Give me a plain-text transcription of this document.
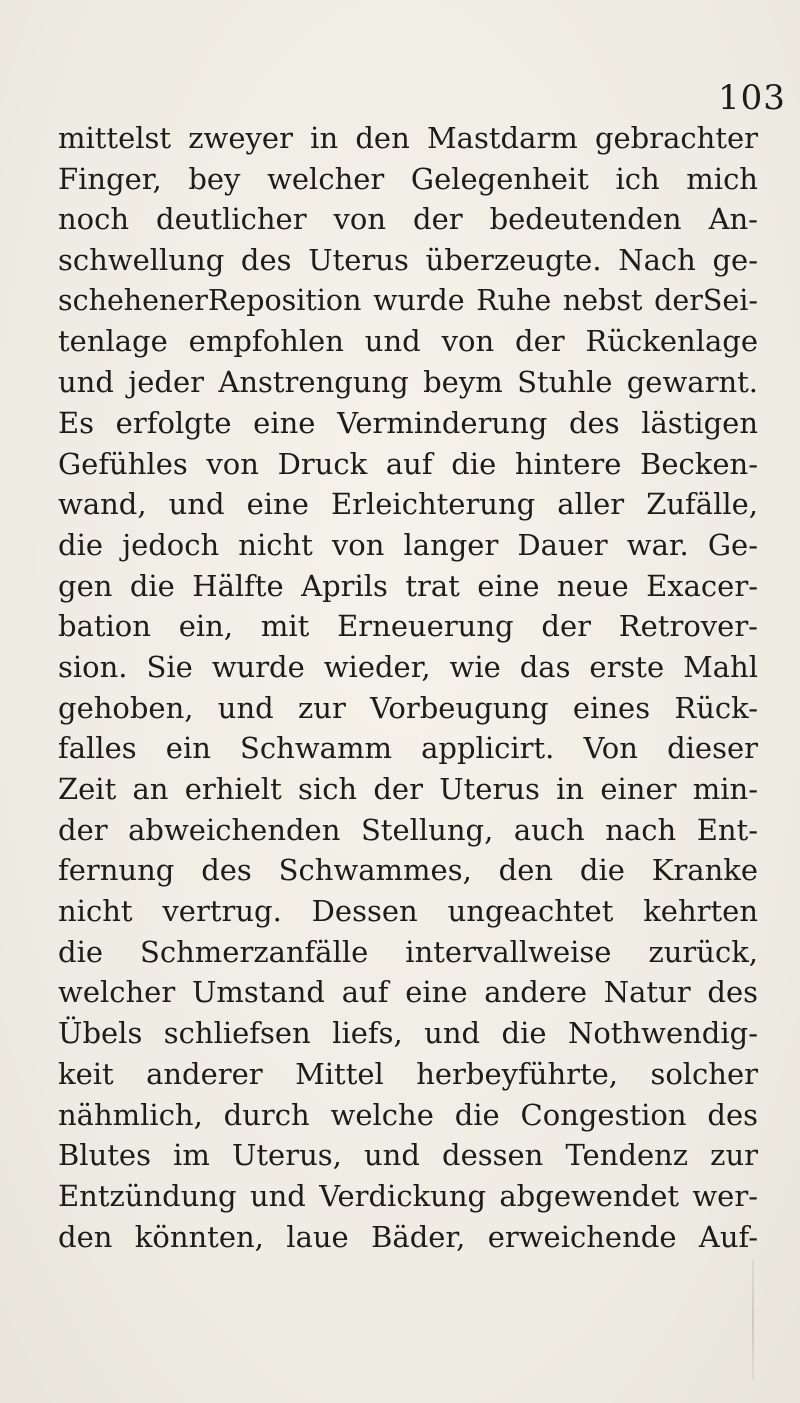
103
mittelst zweyer in den Mastdarm gebrachter
Finger, bey welcher Gelegenheit ich mich
noch deutlicher von der bedeutenden An-
schwellung des Uterus überzeugte. Nach ge-
schehenerReposition wurde Ruhe nebst derSei-
tenlage empfohlen und von der Rückenlage
und jeder Anstrengung beym Stuhle gewarnt.
Es erfolgte eine Verminderung des lästigen
Gefühles von Druck auf die hintere Becken-
wand, und eine Erleichterung aller Zufälle,
die jedoch nicht von langer Dauer war. Ge-
gen die Hälfte Aprils trat eine neue Exacer-
bation ein, mit Erneuerung der Retrover-
sion. Sie wurde wieder, wie das erste Mahl
gehoben, und zur Vorbeugung eines Rück-
falles ein Schwamm applicirt. Von dieser
Zeit an erhielt sich der Uterus in einer min-
der abweichenden Stellung, auch nach Ent-
fernung des Schwammes, den die Kranke
nicht vertrug. Dessen ungeachtet kehrten
die Schmerzanfälle intervallweise zurück,
welcher Umstand auf eine andere Natur des
Übels schliefsen liefs, und die Nothwendig-
keit anderer Mittel herbeyführte, solcher
nähmlich, durch welche die Congestion des
Blutes im Uterus, und dessen Tendenz zur
Entzündung und Verdickung abgewendet wer-
den könnten, laue Bäder, erweichende Auf-
